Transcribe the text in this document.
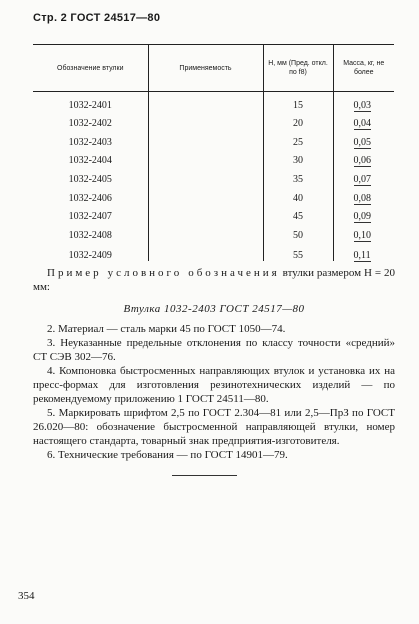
Стр. 2 ГОСТ 24517—80
Обозначение втулки	Применяемость	Н, мм (Пред. откл. по f8)	Масса, кг, не более
1032-2401		15	0,03
1032-2402		20	0,04
1032-2403		25	0,05
1032-2404		30	0,06
1032-2405		35	0,07
1032-2406		40	0,08
1032-2407		45	0,09
1032-2408		50	0,10
1032-2409		55	0,11

Пример условного обозначения втулки размером Н = 20 мм:

Втулка 1032-2403 ГОСТ 24517—80

2. Материал — сталь марки 45 по ГОСТ 1050—74.

3. Неуказанные предельные отклонения по классу точности «средний» СТ СЭВ 302—76.

4. Компоновка быстросменных направляющих втулок и установка их на пресс-формах для изготовления резинотехнических изделий — по рекомендуемому приложению 1 ГОСТ 24511—80.

5. Маркировать шрифтом 2,5 по ГОСТ 2.304—81 или 2,5—ПрЗ по ГОСТ 26.020—80: обозначение быстросменной направляющей втулки, номер настоящего стандарта, товарный знак предприятия-изготовителя.

6. Технические требования — по ГОСТ 14901—79.

354
